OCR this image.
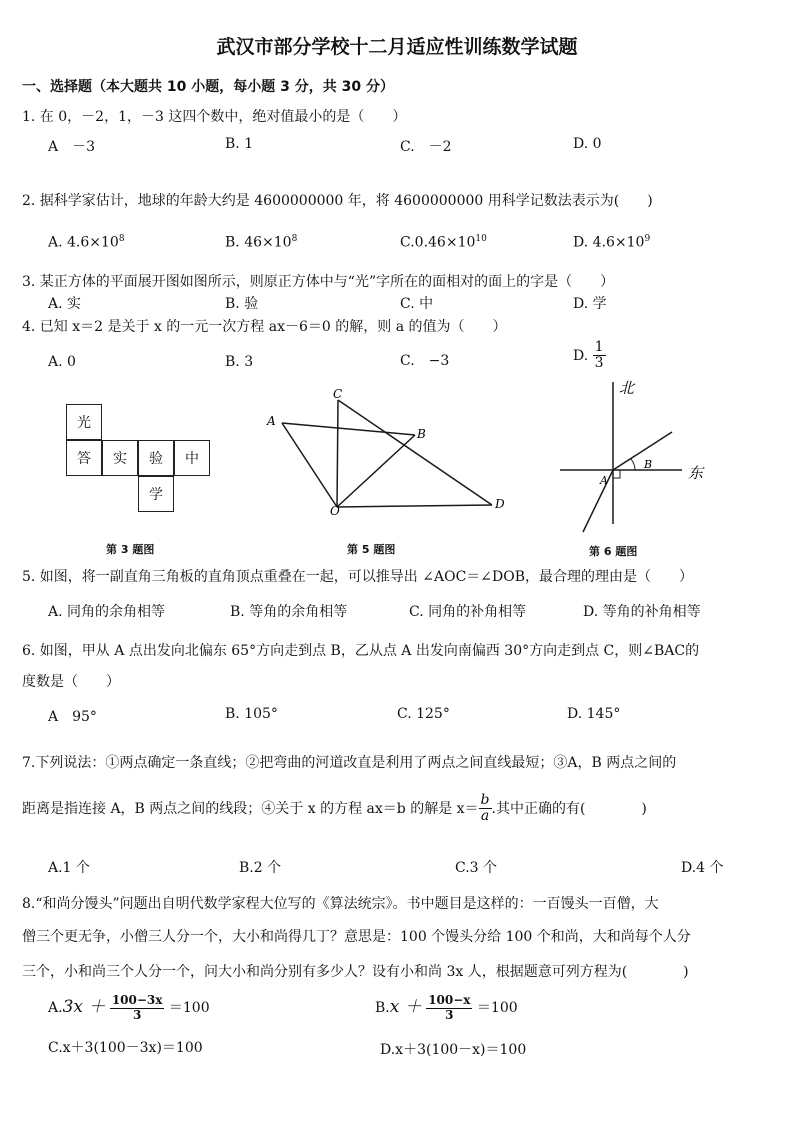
武汉市部分学校十二月适应性训练数学试题
一、选择题（本大题共 10 小题，每小题 3 分，共 30 分）
1. 在 0，－2，1，－3 这四个数中，绝对值最小的是（　　）
A　－3	B. 1	C.　－2	D. 0
2. 据科学家估计，地球的年龄大约是 4600000000 年，将 4600000000 用科学记数法表示为(　　)
A. $4.6\times 10^8$	B. $46\times 10^8$	$C.0.46\times 10^{10}$	D. $4.6\times 10^9$
3. 某正方体的平面展开图如图所示，则原正方体中与“光”字所在的面相对的面上的字是（　　）
A. 实	B. 验	C. 中	D. 学
4. 已知 x＝2 是关于 x 的一元一次方程 ax－6＝0 的解，则 a 的值为（　　）
A. 0	B. 3	C.　−3	D. $\frac{1}{3}$
光
答	实	验	中
学
第 3 题图
A
B
C
O	D
第 5 题图
北
东
A
B
第 6 题图
5. 如图，将一副直角三角板的直角顶点重叠在一起，可以推导出 ∠AOC＝∠DOB，最合理的理由是（　　）
A. 同角的余角相等	B. 等角的余角相等	C. 同角的补角相等	D. 等角的补角相等
6. 如图，甲从 A 点出发向北偏东 65°方向走到点 B，乙从点 A 出发向南偏西 30°方向走到点 C，则∠BAC的
度数是（　　）
A　95°	B. 105°	C. 125°	D. 145°
7.下列说法：①两点确定一条直线；②把弯曲的河道改直是利用了两点之间直线最短；③A，B 两点之间的
距离是指连接 A，B 两点之间的线段；④关于 x 的方程 ax＝b 的解是 $x= \frac{b}{a}$ .其中正确的有(　　　　)
A.1 个	B.2 个	C.3 个	D.4 个
8.“和尚分馒头”问题出自明代数学家程大位写的《算法统宗》。书中题目是这样的：一百馒头一百僧，大
僧三个更无争，小僧三人分一个，大小和尚得几丁？意思是：100 个馒头分给 100 个和尚，大和尚每个人分
三个，小和尚三个人分一个，问大小和尚分别有多少人？设有小和尚 3x 人，根据题意可列方程为(　　　　)
$A.3x + \frac{100-3x}{3} =100$	$B.x + \frac{100-x}{3} =100$
C.x＋3(100－3x)＝100	D.x＋3(100－x)＝100
